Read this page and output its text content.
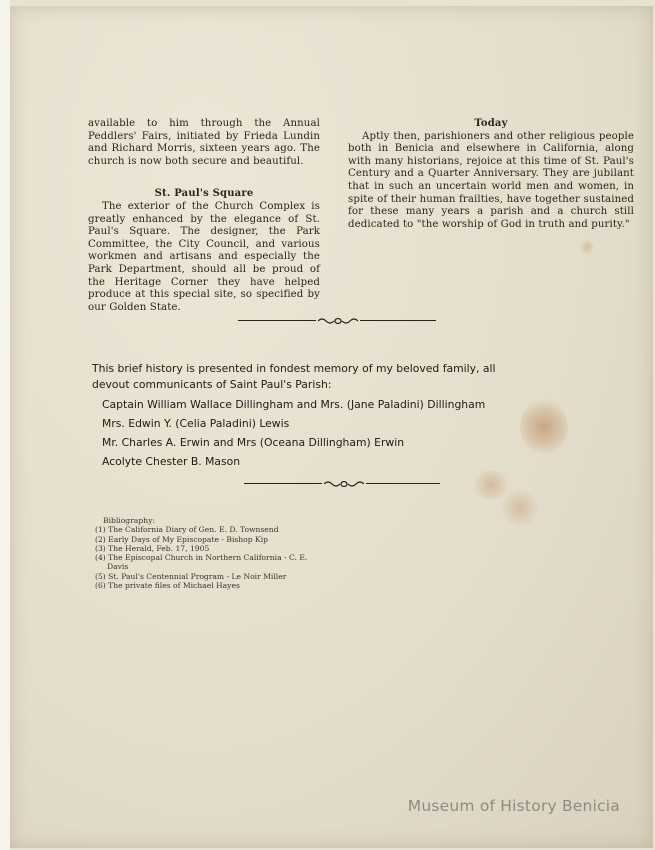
available to him through the Annual Peddlers' Fairs, initiated by Frieda Lundin and Richard Morris, sixteen years ago. The church is now both secure and beautiful.

St. Paul's Square

The exterior of the Church Complex is greatly enhanced by the elegance of St. Paul's Square. The designer, the Park Committee, the City Council, and various workmen and artisans and especially the Park Department, should all be proud of the Heritage Corner they have helped produce at this special site, so specified by our Golden State.

Today

Aptly then, parishioners and other religious people both in Benicia and elsewhere in California, along with many historians, rejoice at this time of St. Paul's Century and a Quarter Anniversary. They are jubilant that in such an uncertain world men and women, in spite of their human frailties, have together sustained for these many years a parish and a church still dedicated to "the worship of God in truth and purity."

This brief history is presented in fondest memory of my beloved family, all devout communicants of Saint Paul's Parish:

Captain William Wallace Dillingham and Mrs. (Jane Paladini) Dillingham

Mrs. Edwin Y. (Celia Paladini) Lewis

Mr. Charles A. Erwin and Mrs (Oceana Dillingham) Erwin

Acolyte Chester B. Mason

Bibliography:

(1) The California Diary of Gen. E. D. Townsend

(2) Early Days of My Episcopate - Bishop Kip

(3) The Herald, Feb. 17, 1905

(4) The Episcopal Church in Northern California - C. E.

Davis

(5) St. Paul's Centennial Program - Le Noir Miller

(6) The private files of Michael Hayes

Museum of History Benicia
